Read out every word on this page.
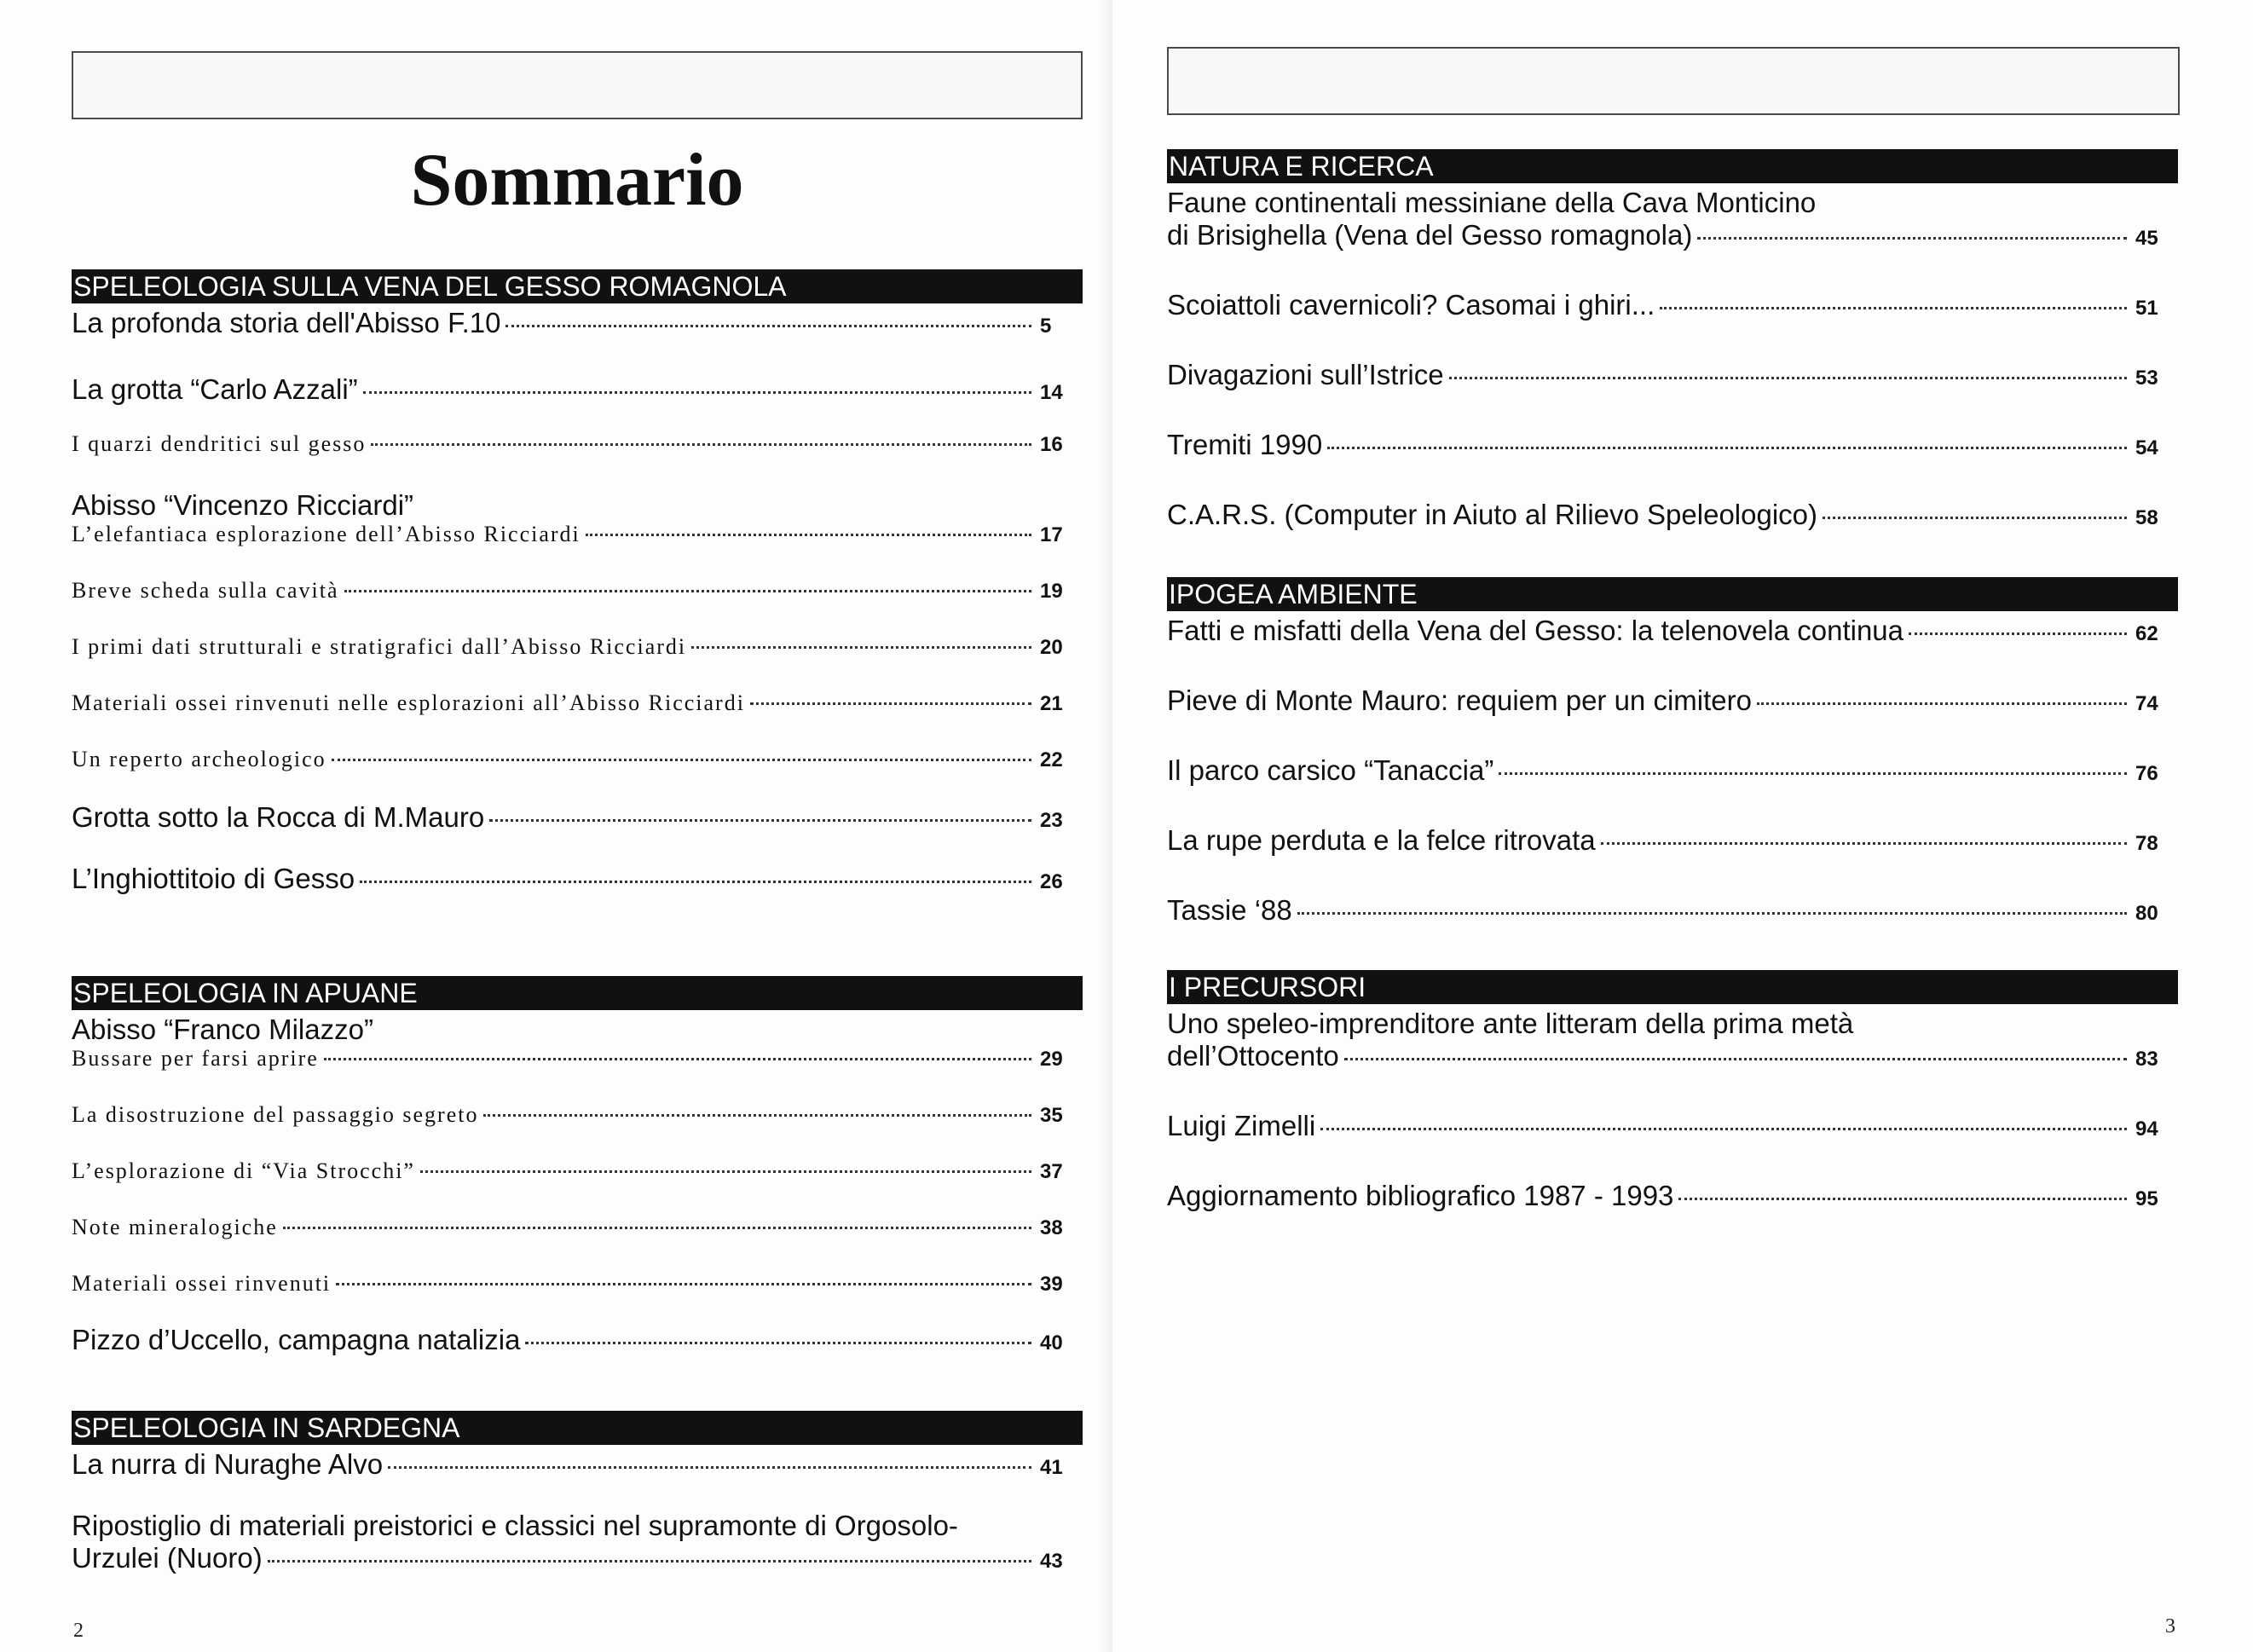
Sommario
SPELEOLOGIA SULLA VENA DEL GESSO ROMAGNOLA
La profonda storia dell'Abisso F.10	5
La grotta “Carlo Azzali”	14
I quarzi dendritici sul gesso	16
Abisso “Vincenzo Ricciardi”
L’elefantiaca esplorazione dell’Abisso Ricciardi	17
Breve scheda sulla cavità	19
I primi dati strutturali e stratigrafici dall’Abisso Ricciardi	20
Materiali ossei rinvenuti nelle esplorazioni all’Abisso Ricciardi	21
Un reperto archeologico	22
Grotta sotto la Rocca di M.Mauro	23
L’Inghiottitoio di Gesso	26
SPELEOLOGIA IN APUANE
Abisso “Franco Milazzo”
Bussare per farsi aprire	29
La disostruzione del passaggio segreto	35
L’esplorazione di “Via Strocchi”	37
Note mineralogiche	38
Materiali ossei rinvenuti	39
Pizzo d’Uccello, campagna natalizia	40
SPELEOLOGIA IN SARDEGNA
La nurra di Nuraghe Alvo	41
Ripostiglio di materiali preistorici e classici nel supramonte di Orgosolo-
Urzulei (Nuoro)	43
2
NATURA E RICERCA
Faune continentali messiniane della Cava Monticino
di Brisighella (Vena del Gesso romagnola)	45
Scoiattoli cavernicoli? Casomai i ghiri...	51
Divagazioni sull’Istrice	53
Tremiti 1990	54
C.A.R.S. (Computer in Aiuto al Rilievo Speleologico)	58
IPOGEA AMBIENTE
Fatti e misfatti della Vena del Gesso: la telenovela continua	62
Pieve di Monte Mauro: requiem per un cimitero	74
Il parco carsico “Tanaccia”	76
La rupe perduta e la felce ritrovata	78
Tassie ‘88	80
I PRECURSORI
Uno speleo-imprenditore ante litteram della prima metà
dell’Ottocento	83
Luigi Zimelli	94
Aggiornamento bibliografico 1987 - 1993	95
3
